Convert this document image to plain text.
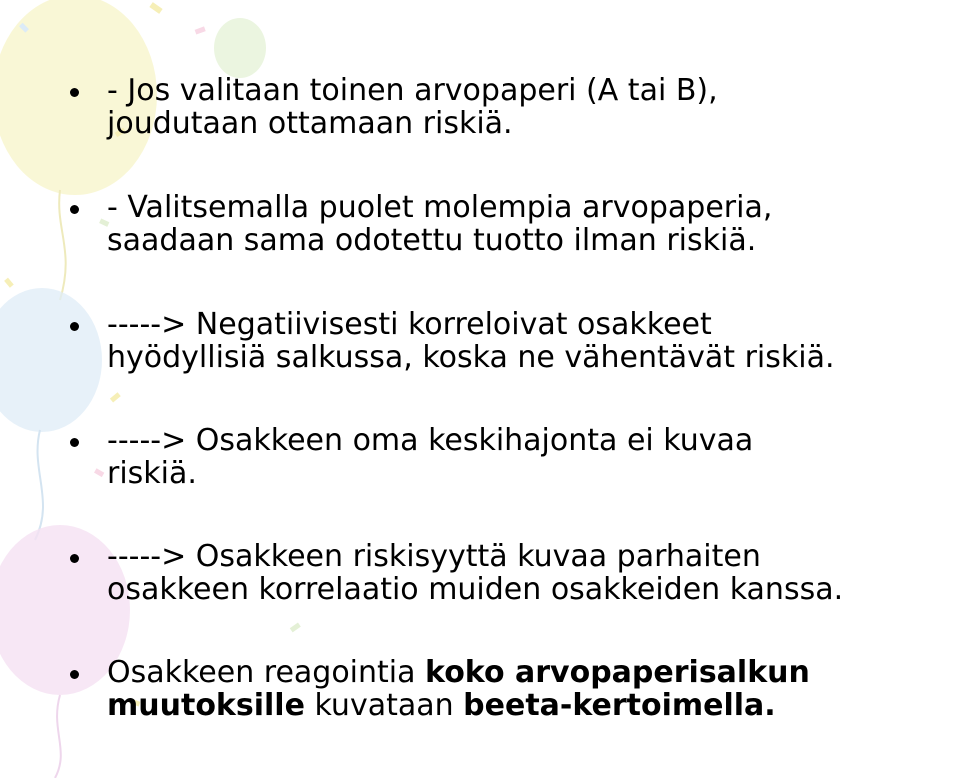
- Jos valitaan toinen arvopaperi (A tai B),
joudutaan ottamaan riskiä.
- Valitsemalla puolet molempia arvopaperia,
saadaan sama odotettu tuotto ilman riskiä.
-----> Negatiivisesti korreloivat osakkeet
hyödyllisiä salkussa, koska ne vähentävät riskiä.
-----> Osakkeen oma keskihajonta ei kuvaa
riskiä.
-----> Osakkeen riskisyyttä kuvaa parhaiten
osakkeen korrelaatio muiden osakkeiden kanssa.
Osakkeen reagointia koko arvopaperisalkun
muutoksille kuvataan beeta-kertoimella.
